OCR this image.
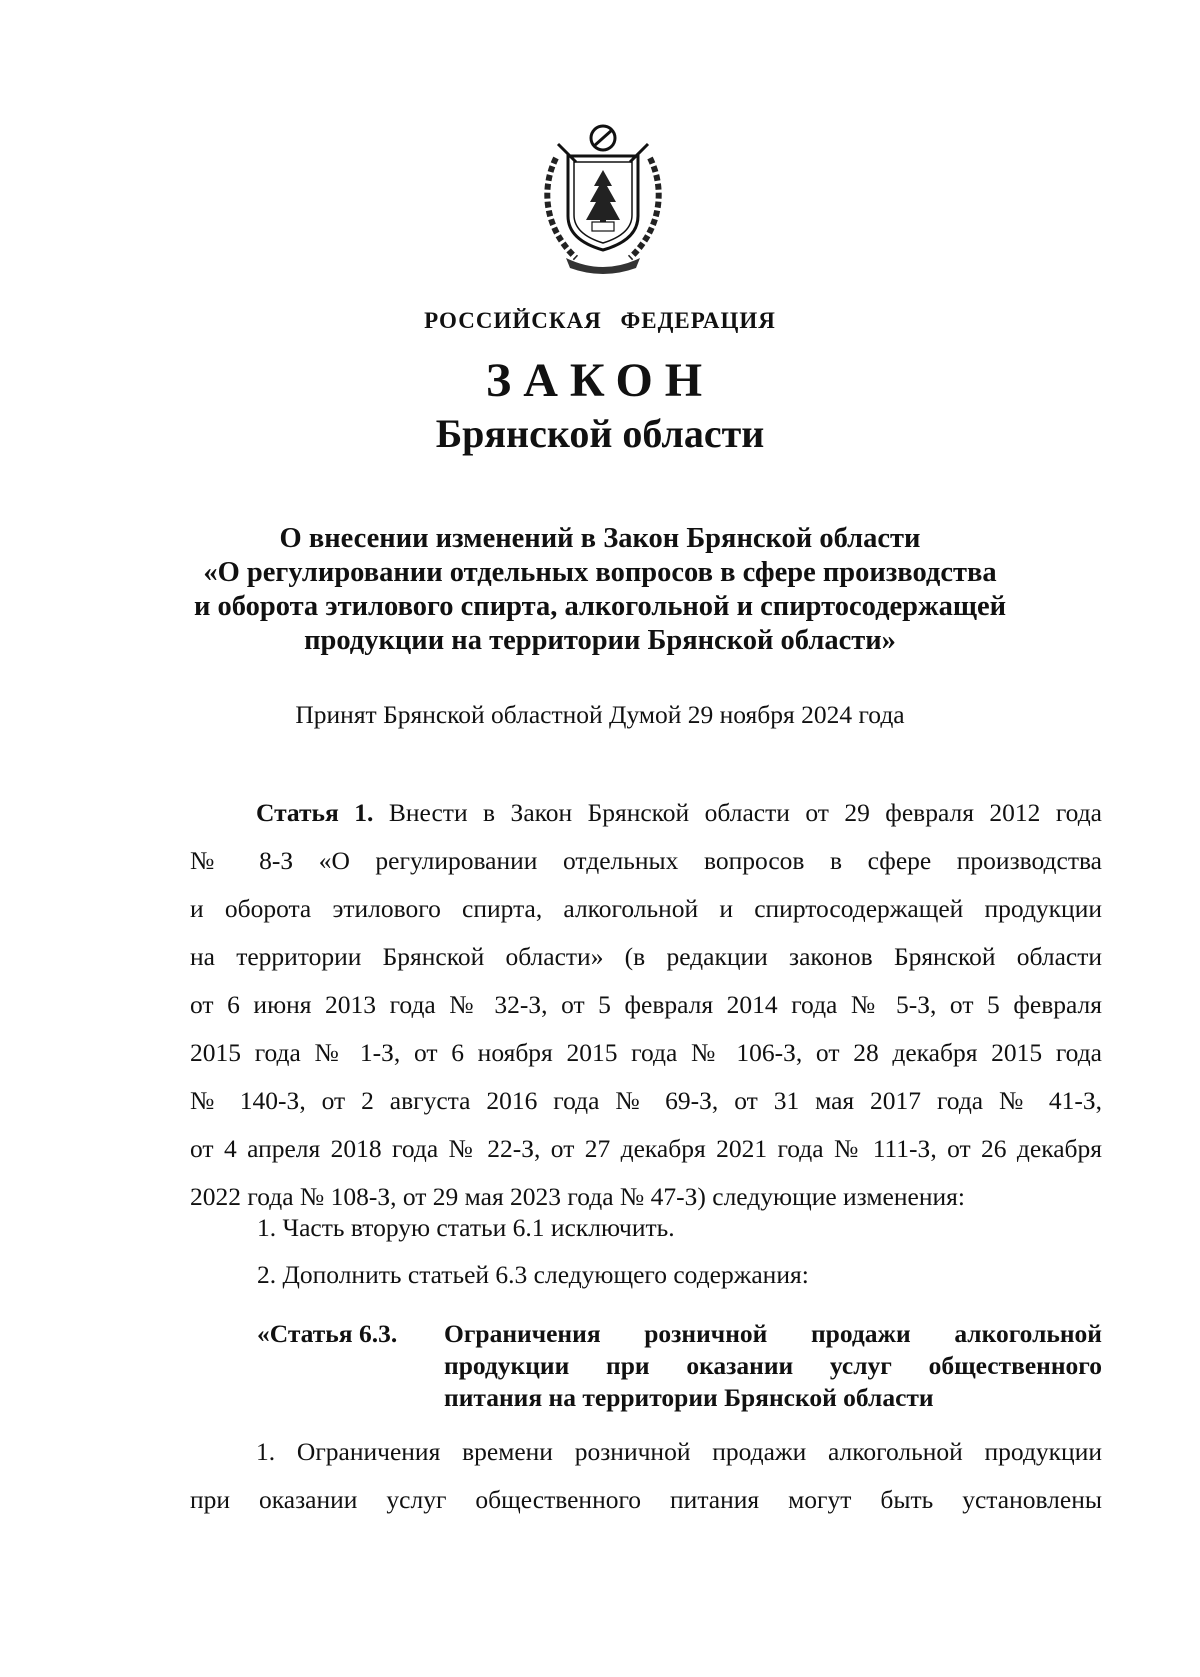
РОССИЙСКАЯ ФЕДЕРАЦИЯ
ЗАКОН
Брянской области
О внесении изменений в Закон Брянской области
«О регулировании отдельных вопросов в сфере производства
и оборота этилового спирта, алкогольной и спиртосодержащей
продукции на территории Брянской области»
Принят Брянской областной Думой 29 ноября 2024 года
Статья 1. Внести в Закон Брянской области от 29 февраля 2012 года
№ 8-З «О регулировании отдельных вопросов в сфере производства
и оборота этилового спирта, алкогольной и спиртосодержащей продукции
на территории Брянской области» (в редакции законов Брянской области
от 6 июня 2013 года № 32-З, от 5 февраля 2014 года № 5-З, от 5 февраля
2015 года № 1-З, от 6 ноября 2015 года № 106-З, от 28 декабря 2015 года
№ 140-З, от 2 августа 2016 года № 69-З, от 31 мая 2017 года № 41-З,
от 4 апреля 2018 года № 22-З, от 27 декабря 2021 года № 111-З, от 26 декабря
2022 года № 108-З, от 29 мая 2023 года № 47-З) следующие изменения:
1. Часть вторую статьи 6.1 исключить.
2. Дополнить статьей 6.3 следующего содержания:
«Статья 6.3. Ограничения розничной продажи алкогольной
продукции при оказании услуг общественного
питания на территории Брянской области
1. Ограничения времени розничной продажи алкогольной продукции
при оказании услуг общественного питания могут быть установлены
